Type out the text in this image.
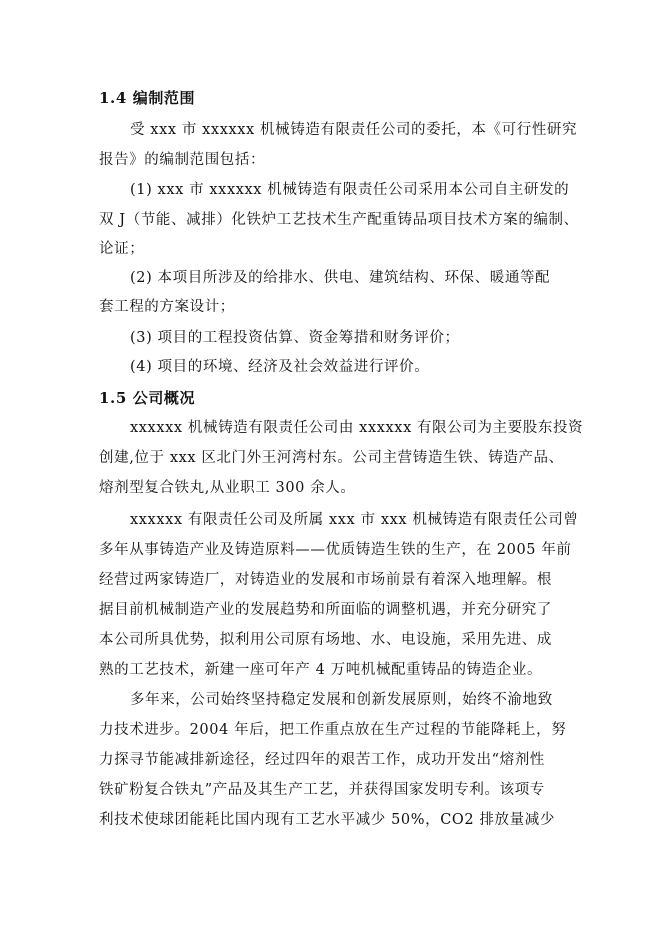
1.4 编制范围
受 xxx 市 xxxxxx 机械铸造有限责任公司的委托，本《可行性研究
报告》的编制范围包括：
(1) xxx 市 xxxxxx 机械铸造有限责任公司采用本公司自主研发的
双 J（节能、减排）化铁炉工艺技术生产配重铸品项目技术方案的编制、
论证；
(2) 本项目所涉及的给排水、供电、建筑结构、环保、暖通等配
套工程的方案设计；
(3) 项目的工程投资估算、资金筹措和财务评价；
(4) 项目的环境、经济及社会效益进行评价。
1.5 公司概况
xxxxxx 机械铸造有限责任公司由 xxxxxx 有限公司为主要股东投资
创建,位于 xxx 区北门外王河湾村东。公司主营铸造生铁、铸造产品、
熔剂型复合铁丸,从业职工 300 余人。
xxxxxx 有限责任公司及所属 xxx 市 xxx 机械铸造有限责任公司曾
多年从事铸造产业及铸造原料——优质铸造生铁的生产，在 2005 年前
经营过两家铸造厂，对铸造业的发展和市场前景有着深入地理解。根
据目前机械制造产业的发展趋势和所面临的调整机遇，并充分研究了
本公司所具优势，拟利用公司原有场地、水、电设施，采用先进、成
熟的工艺技术，新建一座可年产 4 万吨机械配重铸品的铸造企业。
多年来，公司始终坚持稳定发展和创新发展原则，始终不渝地致
力技术进步。2004 年后，把工作重点放在生产过程的节能降耗上，努
力探寻节能减排新途径，经过四年的艰苦工作，成功开发出“熔剂性
铁矿粉复合铁丸”产品及其生产工艺，并获得国家发明专利。该项专
利技术使球团能耗比国内现有工艺水平减少 50%，CO2 排放量减少
